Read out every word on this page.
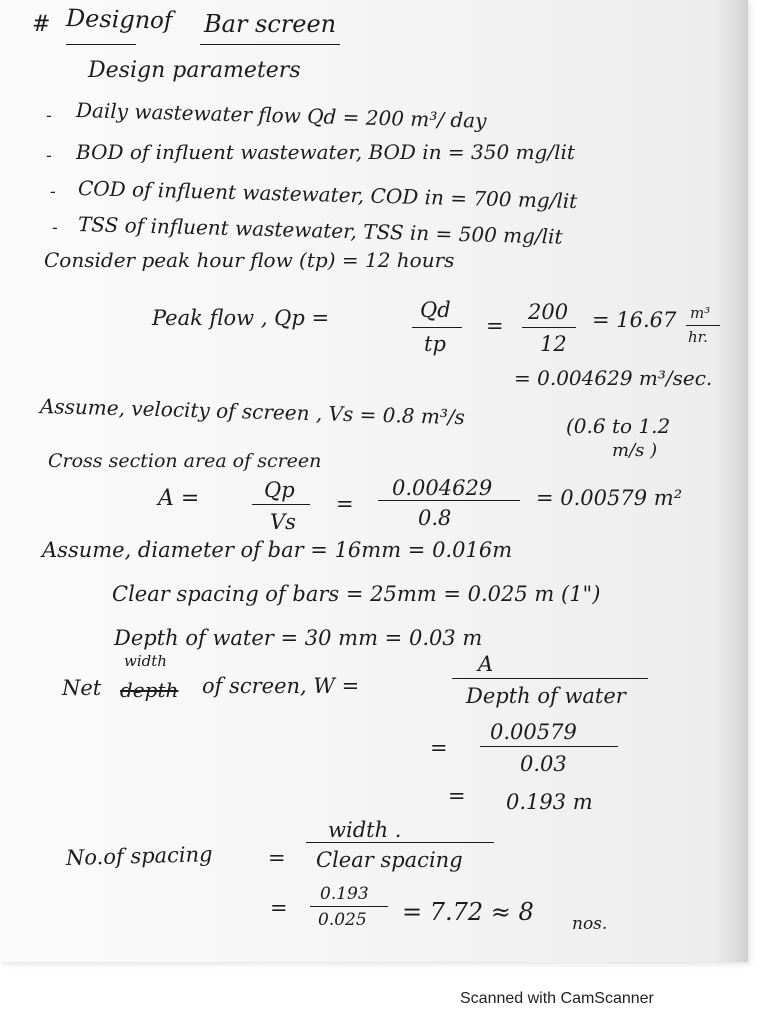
# Design of Bar screen
Design parameters
- Daily wastewater flow Qd = 200 m³/ day
- BOD of influent wastewater, BOD in = 350 mg/lit
- COD of influent wastewater, COD in = 700 mg/lit
- TSS of influent wastewater, TSS in = 500 mg/lit
Consider peak hour flow (tp) = 12 hours
Peak flow , Qp =	Qd
tp
=
200
12
= 16.67 m³
hr.
= 0.004629 m³/sec.
Assume, velocity of screen , Vs = 0.8 m³/s	(0.6 to 1.2
m/s )
Cross section area of screen
A =	Qp
Vs
=
0.004629
0.8
= 0.00579 m²
Assume, diameter of bar = 16mm = 0.016m
Clear spacing of bars = 25mm = 0.025 m (1")
Depth of water = 30 mm = 0.03 m
Net depth
width
of screen, W =
A
Depth of water
=
0.00579
0.03
= 0.193 m
No.of spacing	=
width .
Clear spacing
=
0.193
0.025 = 7.72 ≈ 8 nos.
Scanned with CamScanner
